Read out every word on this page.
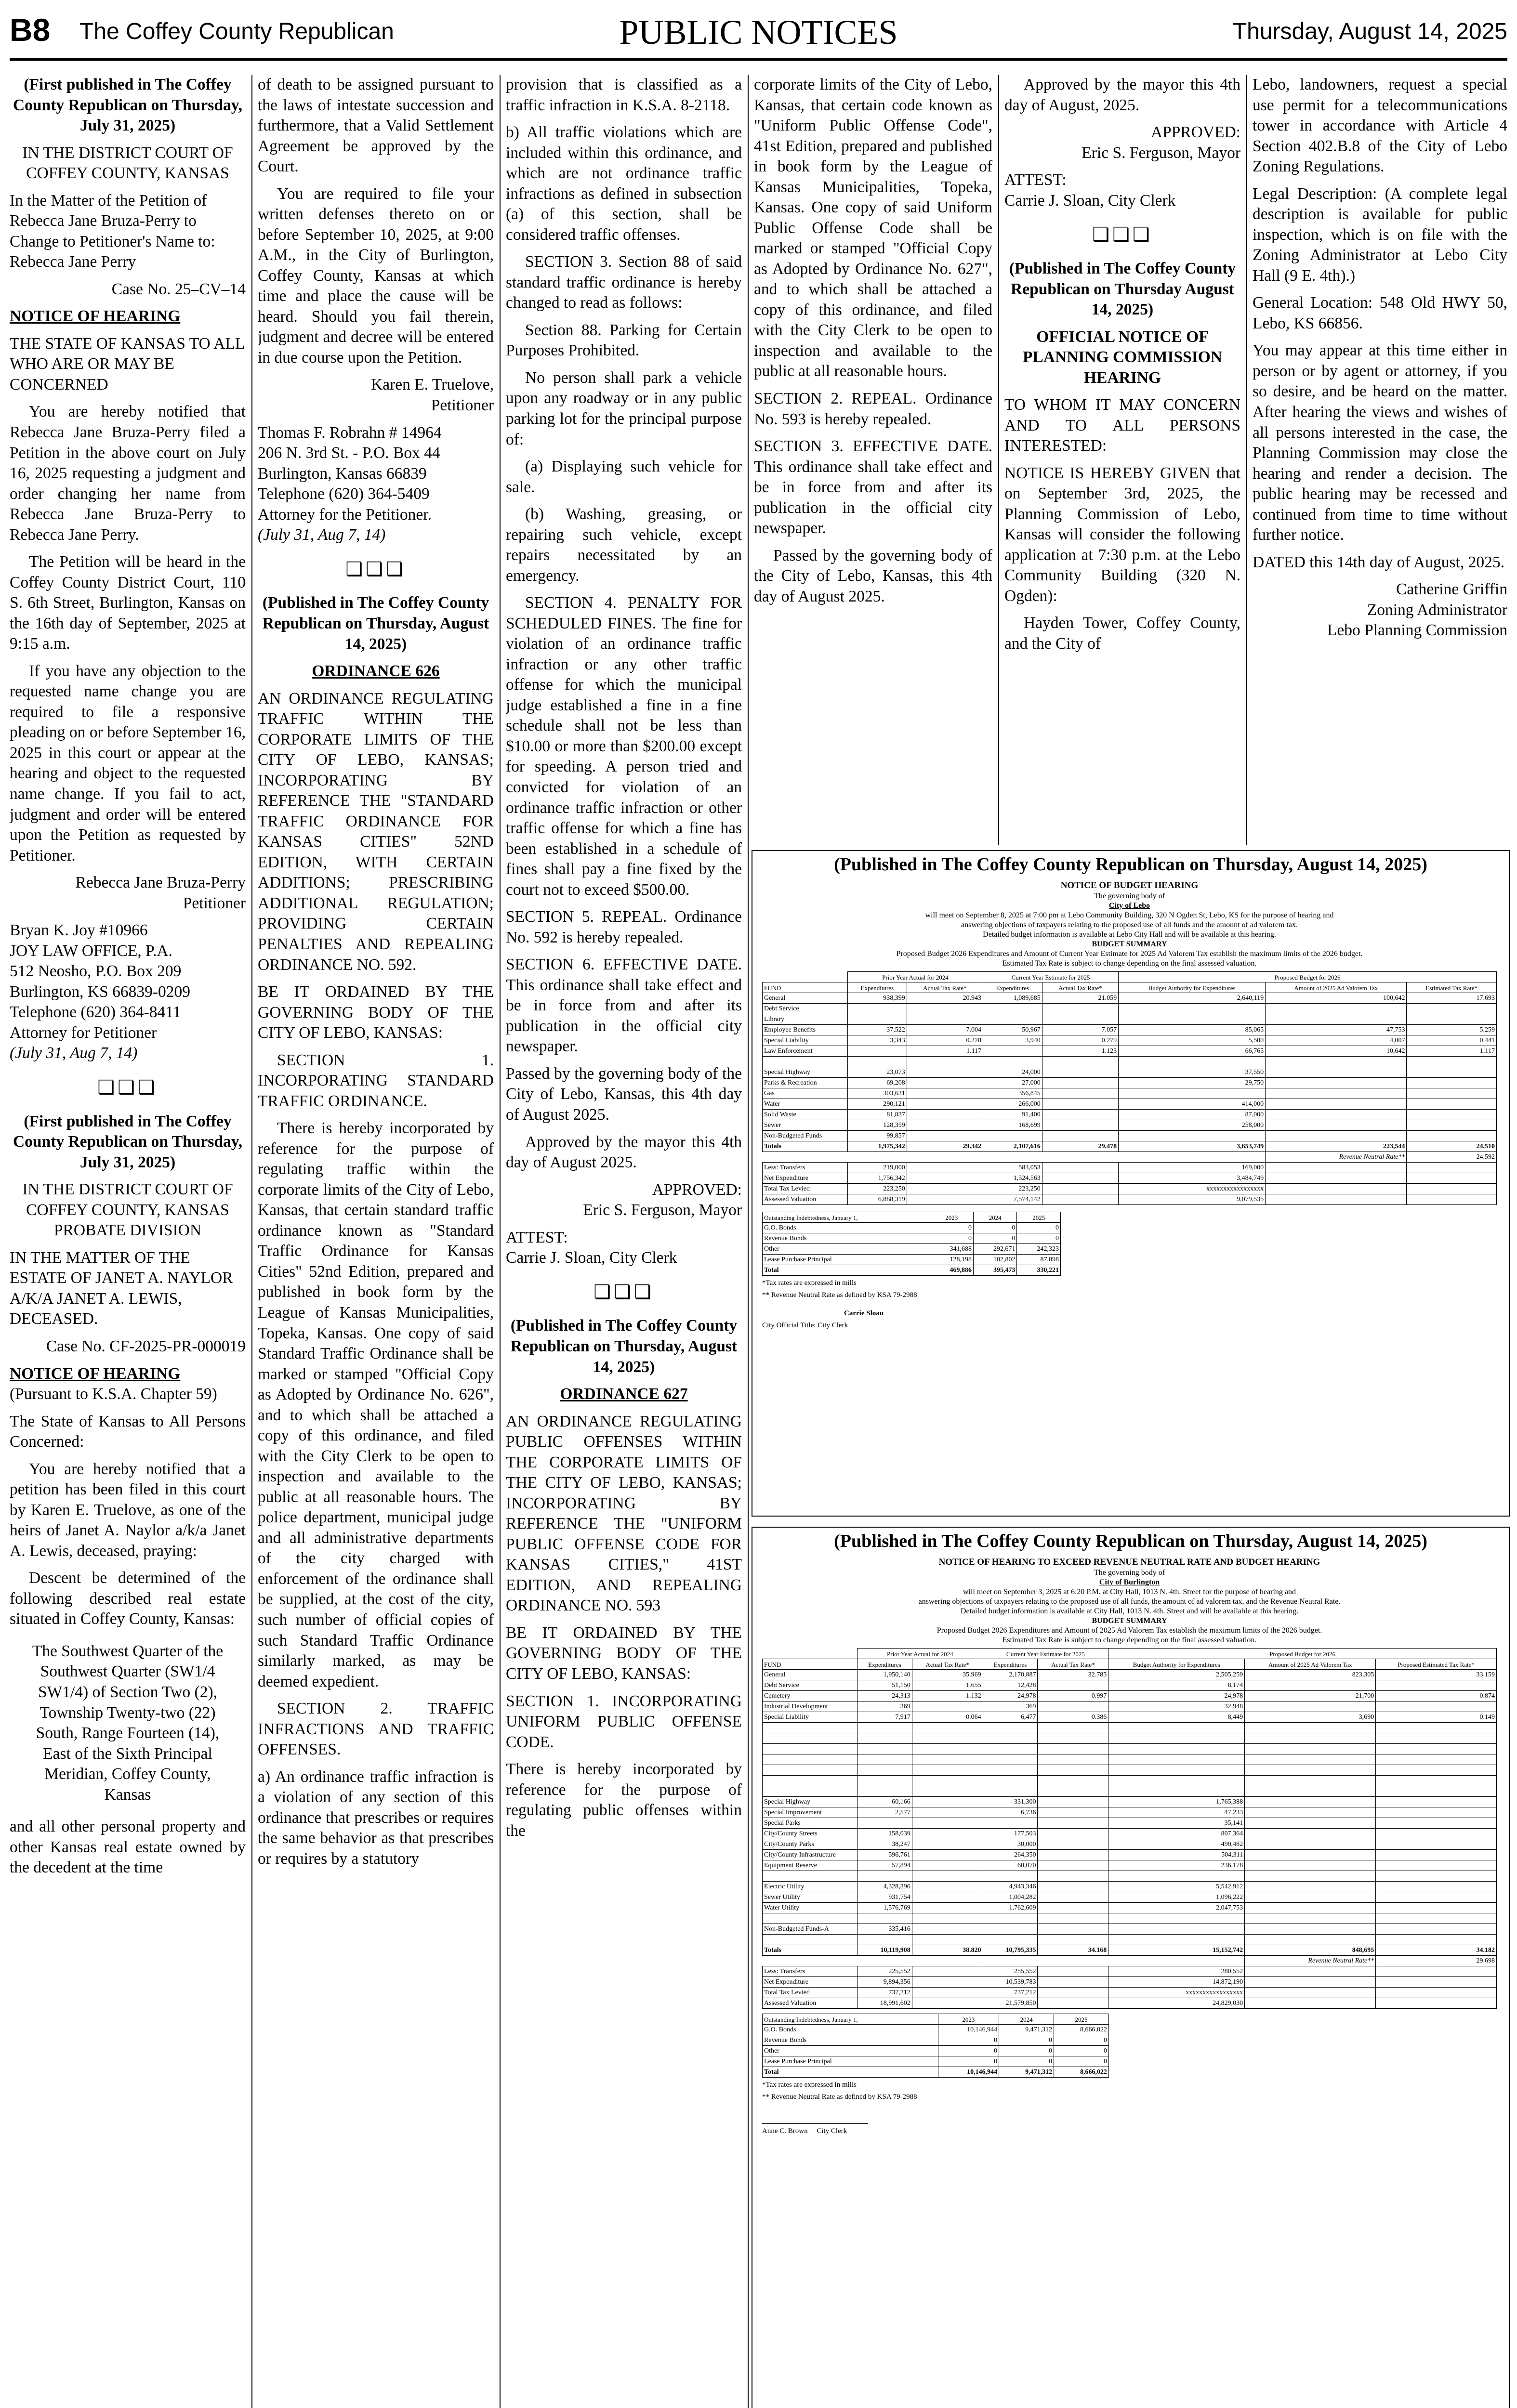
B8 The Coffey County Republican	PUBLIC NOTICES	Thursday, August 14, 2025

(First published in The Coffey County Republican on Thursday, July 31, 2025)

IN THE DISTRICT COURT OF COFFEY COUNTY, KANSAS

In the Matter of the Petition of Rebecca Jane Bruza-Perry to Change to Petitioner's Name to: Rebecca Jane Perry

Case No. 25–CV–14

NOTICE OF HEARING

THE STATE OF KANSAS TO ALL WHO ARE OR MAY BE CONCERNED

You are hereby notified that Rebecca Jane Bruza-Perry filed a Petition in the above court on July 16, 2025 requesting a judgment and order changing her name from Rebecca Jane Bruza-Perry to Rebecca Jane Perry.

The Petition will be heard in the Coffey County District Court, 110 S. 6th Street, Burlington, Kansas on the 16th day of September, 2025 at 9:15 a.m.

If you have any objection to the requested name change you are required to file a responsive pleading on or before September 16, 2025 in this court or appear at the hearing and object to the requested name change. If you fail to act, judgment and order will be entered upon the Petition as requested by Petitioner.

Rebecca Jane Bruza-Perry

Petitioner

Bryan K. Joy #10966
JOY LAW OFFICE, P.A.
512 Neosho, P.O. Box 209
Burlington, KS 66839-0209
Telephone (620) 364-8411
Attorney for Petitioner

(July 31, Aug 7, 14)

❏❏❏

(First published in The Coffey County Republican on Thursday, July 31, 2025)

IN THE DISTRICT COURT OF COFFEY COUNTY, KANSAS PROBATE DIVISION

IN THE MATTER OF THE ESTATE OF JANET A. NAYLOR A/K/A JANET A. LEWIS, DECEASED.

Case No. CF-2025-PR-000019

NOTICE OF HEARING

(Pursuant to K.S.A. Chapter 59)

The State of Kansas to All Persons Concerned:

You are hereby notified that a petition has been filed in this court by Karen E. Truelove, as one of the heirs of Janet A. Naylor a/k/a Janet A. Lewis, deceased, praying:

Descent be determined of the following described real estate situated in Coffey County, Kansas:

The Southwest Quarter of the Southwest Quarter (SW1/4 SW1/4) of Section Two (2), Township Twenty-two (22) South, Range Fourteen (14), East of the Sixth Principal Meridian, Coffey County, Kansas

and all other personal property and other Kansas real estate owned by the decedent at the time

of death to be assigned pursuant to the laws of intestate succession and furthermore, that a Valid Settlement Agreement be approved by the Court.

You are required to file your written defenses thereto on or before September 10, 2025, at 9:00 A.M., in the City of Burlington, Coffey County, Kansas at which time and place the cause will be heard. Should you fail therein, judgment and decree will be entered in due course upon the Petition.

Karen E. Truelove,

Petitioner

Thomas F. Robrahn # 14964
206 N. 3rd St. - P.O. Box 44
Burlington, Kansas 66839
Telephone (620) 364-5409
Attorney for the Petitioner.

(July 31, Aug 7, 14)

❏❏❏

(Published in The Coffey County Republican on Thursday, August 14, 2025)

ORDINANCE 626

AN ORDINANCE REGULATING TRAFFIC WITHIN THE CORPORATE LIMITS OF THE CITY OF LEBO, KANSAS; INCORPORATING BY REFERENCE THE "STANDARD TRAFFIC ORDINANCE FOR KANSAS CITIES" 52ND EDITION, WITH CERTAIN ADDITIONS; PRESCRIBING ADDITIONAL REGULATION; PROVIDING CERTAIN PENALTIES AND REPEALING ORDINANCE NO. 592.

BE IT ORDAINED BY THE GOVERNING BODY OF THE CITY OF LEBO, KANSAS:

SECTION 1. INCORPORATING STANDARD TRAFFIC ORDINANCE.

There is hereby incorporated by reference for the purpose of regulating traffic within the corporate limits of the City of Lebo, Kansas, that certain standard traffic ordinance known as "Standard Traffic Ordinance for Kansas Cities" 52nd Edition, prepared and published in book form by the League of Kansas Municipalities, Topeka, Kansas. One copy of said Standard Traffic Ordinance shall be marked or stamped "Official Copy as Adopted by Ordinance No. 626", and to which shall be attached a copy of this ordinance, and filed with the City Clerk to be open to inspection and available to the public at all reasonable hours. The police department, municipal judge and all administrative departments of the city charged with enforcement of the ordinance shall be supplied, at the cost of the city, such number of official copies of such Standard Traffic Ordinance similarly marked, as may be deemed expedient.

SECTION 2. TRAFFIC INFRACTIONS AND TRAFFIC OFFENSES.

a) An ordinance traffic infraction is a violation of any section of this ordinance that prescribes or requires the same behavior as that prescribes or requires by a statutory

provision that is classified as a traffic infraction in K.S.A. 8-2118.

b) All traffic violations which are included within this ordinance, and which are not ordinance traffic infractions as defined in subsection (a) of this section, shall be considered traffic offenses.

SECTION 3. Section 88 of said standard traffic ordinance is hereby changed to read as follows:

Section 88. Parking for Certain Purposes Prohibited.

No person shall park a vehicle upon any roadway or in any public parking lot for the principal purpose of:

(a) Displaying such vehicle for sale.

(b) Washing, greasing, or repairing such vehicle, except repairs necessitated by an emergency.

SECTION 4. PENALTY FOR SCHEDULED FINES. The fine for violation of an ordinance traffic infraction or any other traffic offense for which the municipal judge established a fine in a fine schedule shall not be less than $10.00 or more than $200.00 except for speeding. A person tried and convicted for violation of an ordinance traffic infraction or other traffic offense for which a fine has been established in a schedule of fines shall pay a fine fixed by the court not to exceed $500.00.

SECTION 5. REPEAL. Ordinance No. 592 is hereby repealed.

SECTION 6. EFFECTIVE DATE. This ordinance shall take effect and be in force from and after its publication in the official city newspaper.

Passed by the governing body of the City of Lebo, Kansas, this 4th day of August 2025.

Approved by the mayor this 4th day of August 2025.

APPROVED:

Eric S. Ferguson, Mayor

ATTEST:

Carrie J. Sloan, City Clerk

❏❏❏

(Published in The Coffey County Republican on Thursday, August 14, 2025)

ORDINANCE 627

AN ORDINANCE REGULATING PUBLIC OFFENSES WITHIN THE CORPORATE LIMITS OF THE CITY OF LEBO, KANSAS; INCORPORATING BY REFERENCE THE "UNIFORM PUBLIC OFFENSE CODE FOR KANSAS CITIES," 41ST EDITION, AND REPEALING ORDINANCE NO. 593

BE IT ORDAINED BY THE GOVERNING BODY OF THE CITY OF LEBO, KANSAS:

SECTION 1. INCORPORATING UNIFORM PUBLIC OFFENSE CODE.

There is hereby incorporated by reference for the purpose of regulating public offenses within the

corporate limits of the City of Lebo, Kansas, that certain code known as "Uniform Public Offense Code", 41st Edition, prepared and published in book form by the League of Kansas Municipalities, Topeka, Kansas. One copy of said Uniform Public Offense Code shall be marked or stamped "Official Copy as Adopted by Ordinance No. 627", and to which shall be attached a copy of this ordinance, and filed with the City Clerk to be open to inspection and available to the public at all reasonable hours.

SECTION 2. REPEAL. Ordinance No. 593 is hereby repealed.

SECTION 3. EFFECTIVE DATE. This ordinance shall take effect and be in force from and after its publication in the official city newspaper.

Passed by the governing body of the City of Lebo, Kansas, this 4th day of August 2025.

Approved by the mayor this 4th day of August, 2025.

APPROVED:

Eric S. Ferguson, Mayor

ATTEST:

Carrie J. Sloan, City Clerk

❏❏❏

(Published in The Coffey County Republican on Thursday August 14, 2025)

OFFICIAL NOTICE OF PLANNING COMMISSION HEARING

TO WHOM IT MAY CONCERN AND TO ALL PERSONS INTERESTED:

NOTICE IS HEREBY GIVEN that on September 3rd, 2025, the Planning Commission of Lebo, Kansas will consider the following application at 7:30 p.m. at the Lebo Community Building (320 N. Ogden):

Hayden Tower, Coffey County, and the City of

Lebo, landowners, request a special use permit for a telecommunications tower in accordance with Article 4 Section 402.B.8 of the City of Lebo Zoning Regulations.

Legal Description: (A complete legal description is available for public inspection, which is on file with the Zoning Administrator at Lebo City Hall (9 E. 4th).)

General Location: 548 Old HWY 50, Lebo, KS 66856.

You may appear at this time either in person or by agent or attorney, if you so desire, and be heard on the matter. After hearing the views and wishes of all persons interested in the case, the Planning Commission may close the hearing and render a decision. The public hearing may be recessed and continued from time to time without further notice.

DATED this 14th day of August, 2025.

Catherine Griffin

Zoning Administrator

Lebo Planning Commission

(Published in The Coffey County Republican on Thursday, August 14, 2025)
NOTICE OF BUDGET HEARING
The governing body of
City of Lebo
will meet on September 8, 2025 at 7:00 pm at Lebo Community Building, 320 N Ogden St, Lebo, KS for the purpose of hearing and
answering objections of taxpayers relating to the proposed use of all funds and the amount of ad valorem tax.
Detailed budget information is available at Lebo City Hall and will be available at this hearing.
BUDGET SUMMARY
Proposed Budget 2026 Expenditures and Amount of Current Year Estimate for 2025 Ad Valorem Tax establish the maximum limits of the 2026 budget.
Estimated Tax Rate is subject to change depending on the final assessed valuation.
	Prior Year Actual for 2024		Current Year Estimate for 2025		Proposed Budget for 2026		
FUND	Expenditures	Actual Tax Rate*	Expenditures	Actual Tax Rate*	Budget Authority for Expenditures	Amount of 2025 Ad Valorem Tax	Estimated Tax Rate*
General	938,399	20.943	1,089,685	21.059	2,640,119	100,642	17.693
Debt Service							
Library							
Employee Benefits	37,522	7.004	50,967	7.057	85,065	47,753	5.259
Special Liability	3,343	0.278	3,940	0.279	5,500	4,007	0.441
Law Enforcement		1.117		1.123	66,765	10,642	1.117

Special Highway	23,073		24,000		37,550		
Parks & Recreation	69,208		27,000		29,750		
Gas	303,631		356,845				
Water	290,121		266,000		414,000		
Solid Waste	81,837		91,400		87,000		
Sewer	128,359		168,699		258,000		
Non-Budgeted Funds	99,857						
Totals	1,975,342	29.342	2,107,616	29.478	3,653,749	223,544	24.510
						Revenue Neutral Rate**	24.592
Less: Transfers	219,000		583,053		169,000		
Net Expenditure	1,756,342		1,524,563		3,484,749		
Total Tax Levied	223,250		223,250		xxxxxxxxxxxxxxxxx		
Assessed Valuation	6,888,319		7,574,142		9,079,535		
Outstanding Indebtedness, January 1,	2023	2024	2025
G.O. Bonds	0	0	0
Revenue Bonds	0	0	0
Other	341,688	292,671	242,323
Lease Purchase Principal	128,198	102,802	87,898
Total	469,886	395,473	330,221
*Tax rates are expressed in mills
** Revenue Neutral Rate as defined by KSA 79-2988
Carrie Sloan
City Official Title: City Clerk
(Published in The Coffey County Republican on Thursday, August 14, 2025)
NOTICE OF HEARING TO EXCEED REVENUE NEUTRAL RATE AND BUDGET HEARING
The governing body of
City of Burlington
will meet on September 3, 2025 at 6:20 P.M. at City Hall, 1013 N. 4th. Street for the purpose of hearing and
answering objections of taxpayers relating to the proposed use of all funds, the amount of ad valorem tax, and the Revenue Neutral Rate.
Detailed budget information is available at City Hall, 1013 N. 4th. Street and will be available at this hearing.
BUDGET SUMMARY
Proposed Budget 2026 Expenditures and Amount of 2025 Ad Valorem Tax establish the maximum limits of the 2026 budget.
Estimated Tax Rate is subject to change depending on the final assessed valuation.
	Prior Year Actual for 2024		Current Year Estimate for 2025		Proposed Budget for 2026		
FUND	Expenditures	Actual Tax Rate*	Expenditures	Actual Tax Rate*	Budget Authority for Expenditures	Amount of 2025 Ad Valorem Tax	Proposed Estimated Tax Rate*
General	1,950,140	35.969	2,170,887	32.785	2,505,259	823,305	33.159
Debt Service	51,150	1.655	12,428		8,174		
Cemetery	24,313	1.132	24,978	0.997	24,978	21,700	0.874
Industrial Development	369		369		32,948		
Special Liability	7,917	0.064	6,477	0.386	8,449	3,690	0.149

Special Highway	60,166		331,300		1,765,388		
Special Improvement	2,577		6,736		47,233		
Special Parks					35,141		
City/County Streets	158,039		177,503		807,364		
City/County Parks	38,247		30,000		490,482		
City/County Infrastructure	596,761		264,350		504,311		
Equipment Reserve	57,894		60,070		236,178		

Electric Utility	4,328,396		4,943,346		5,542,912		
Sewer Utility	931,754		1,004,282		1,096,222		
Water Utility	1,576,769		1,762,609		2,047,753		

Non-Budgeted Funds-A	335,416						

Totals	10,119,908	38.820	10,795,335	34.168	15,152,742	848,695	34.182
						Revenue Neutral Rate**	29.698
Less: Transfers	225,552		255,552		280,552		
Net Expenditure	9,894,356		10,539,783		14,872,190		
Total Tax Levied	737,212		737,212		xxxxxxxxxxxxxxxxx		
Assessed Valuation	18,991,602		21,579,850		24,829,030		
Outstanding Indebtedness, January 1,	2023	2024	2025
G.O. Bonds	10,146,944	9,471,312	8,666,022
Revenue Bonds	0	0	0
Other	0	0	0
Lease Purchase Principal	0	0	0
Total	10,146,944	9,471,312	8,666,022
*Tax rates are expressed in mills
** Revenue Neutral Rate as defined by KSA 79-2988
Anne C. Brown City Clerk
